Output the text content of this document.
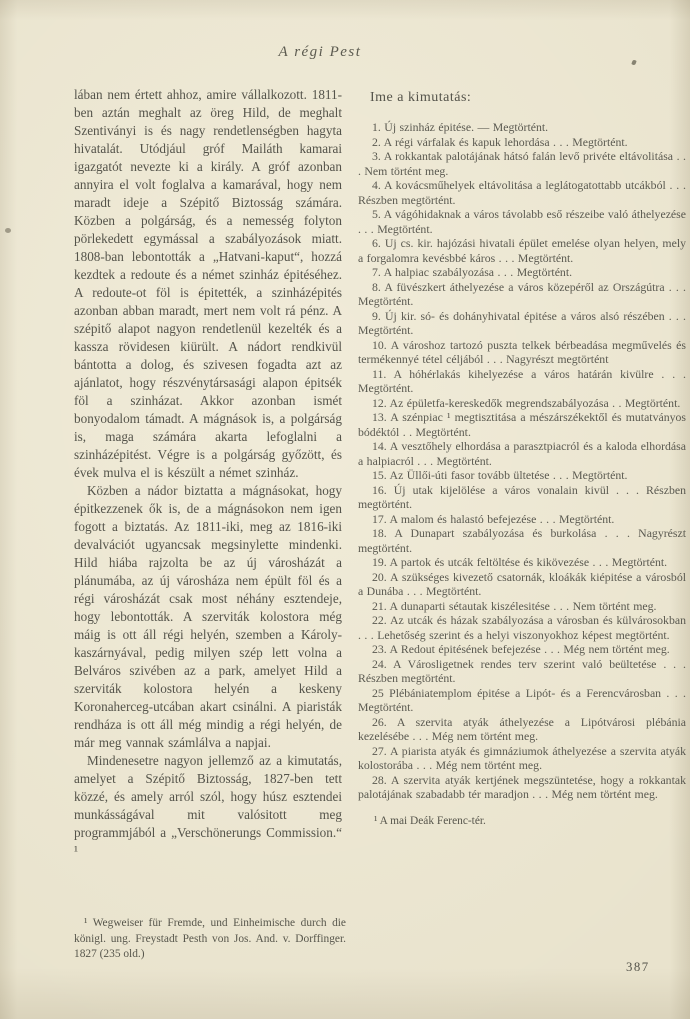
A régi Pest

lában nem értett ahhoz, amire vállalkozott. 1811-ben aztán meghalt az öreg Hild, de meghalt Szentiványi is és nagy rendetlenségben hagyta hivatalát. Utódjául gróf Mailáth kamarai igazgatót nevezte ki a király. A gróf azonban annyira el volt foglalva a kamarával, hogy nem maradt ideje a Szépitő Biztosság számára. Közben a polgárság, és a nemesség folyton pörlekedett egymással a szabályozások miatt. 1808-ban lebontották a „Hatvani-kaput“, hozzá kezdtek a redoute és a német szinház épitéséhez. A redoute-ot föl is épitették, a szinházépités azonban abban maradt, mert nem volt rá pénz. A szépitő alapot nagyon rendetlenül kezelték és a kassza rövidesen kiürült. A nádort rendkivül bántotta a dolog, és szivesen fogadta azt az ajánlatot, hogy részvénytársasági alapon épitsék föl a szinházat. Akkor azonban ismét bonyodalom támadt. A mágnások is, a polgárság is, maga számára akarta lefoglalni a szinházépitést. Végre is a polgárság győzött, és évek mulva el is készült a német szinház.

Közben a nádor biztatta a mágnásokat, hogy épitkezzenek ők is, de a mágnásokon nem igen fogott a biztatás. Az 1811-iki, meg az 1816-iki devalvációt ugyancsak megsinylette mindenki. Hild hiába rajzolta be az új városházát a plánumába, az új városháza nem épült föl és a régi városházát csak most néhány esztendeje, hogy lebontották. A szerviták kolostora még máig is ott áll régi helyén, szemben a Károly-kaszárnyával, pedig milyen szép lett volna a Belváros szivében az a park, amelyet Hild a szerviták kolostora helyén a keskeny Koronaherceg-utcában akart csinálni. A piaristák rendháza is ott áll még mindig a régi helyén, de már meg vannak számlálva a napjai.

Mindenesetre nagyon jellemző az a kimutatás, amelyet a Szépitő Biztosság, 1827-ben tett közzé, és amely arról szól, hogy húsz esztendei munkásságával mit valósitott meg programmjából a „Verschönerungs Commission.“ ¹

¹ Wegweiser für Fremde, und Einheimische durch die königl. ung. Freystadt Pesth von Jos. And. v. Dorffinger. 1827 (235 old.)

Ime a kimutatás:

1. Új szinház épitése. — Megtörtént.

2. A régi várfalak és kapuk lehordása . . . Megtörtént.

3. A rokkantak palotájának hátsó falán levő privéte eltávolitása . . . Nem történt meg.

4. A kovácsműhelyek eltávolitása a leglátogatottabb utcákból . . . Részben megtörtént.

5. A vágóhidaknak a város távolabb eső részeibe való áthelyezése . . . Megtörtént.

6. Uj cs. kir. hajózási hivatali épület emelése olyan helyen, mely a forgalomra kevésbbé káros . . . Megtörtént.

7. A halpiac szabályozása . . . Megtörtént.

8. A füvészkert áthelyezése a város közepéről az Országútra . . . Megtörtént.

9. Új kir. só- és dohányhivatal épitése a város alsó részében . . . Megtörtént.

10. A városhoz tartozó puszta telkek bérbeadása megművelés és termékennyé tétel céljából . . . Nagyrészt megtörtént

11. A hóhérlakás kihelyezése a város határán kivülre . . . Megtörtént.

12. Az épületfa-kereskedők megrendszabályozása . . Megtörtént.

13. A szénpiac ¹ megtisztitása a mészárszékektől és mutatványos bódéktól . . Megtörtént.

14. A vesztőhely elhordása a parasztpiacról és a kaloda elhordása a halpiacról . . . Megtörtént.

15. Az Üllői-úti fasor tovább ültetése . . . Megtörtént.

16. Új utak kijelölése a város vonalain kivül . . . Részben megtörtént.

17. A malom és halastó befejezése . . . Megtörtént.

18. A Dunapart szabályozása és burkolása . . . Nagyrészt megtörtént.

19. A partok és utcák feltöltése és kikövezése . . . Megtörtént.

20. A szükséges kivezető csatornák, kloákák kiépitése a városból a Dunába . . . Megtörtént.

21. A dunaparti sétautak kiszélesitése . . . Nem történt meg.

22. Az utcák és házak szabályozása a városban és külvárosokban . . . Lehetőség szerint és a helyi viszonyokhoz képest megtörtént.

23. A Redout épitésének befejezése . . . Még nem történt meg.

24. A Városligetnek rendes terv szerint való beültetése . . . Részben megtörtént.

25 Plébániatemplom épitése a Lipót- és a Ferencvárosban . . . Megtörtént.

26. A szervita atyák áthelyezése a Lipótvárosi plébánia kezelésébe . . . Még nem történt meg.

27. A piarista atyák és gimnáziumok áthelyezése a szervita atyák kolostorába . . . Még nem történt meg.

28. A szervita atyák kertjének megszüntetése, hogy a rokkantak palotájának szabadabb tér maradjon . . . Még nem történt meg.

¹ A mai Deák Ferenc-tér.

387
